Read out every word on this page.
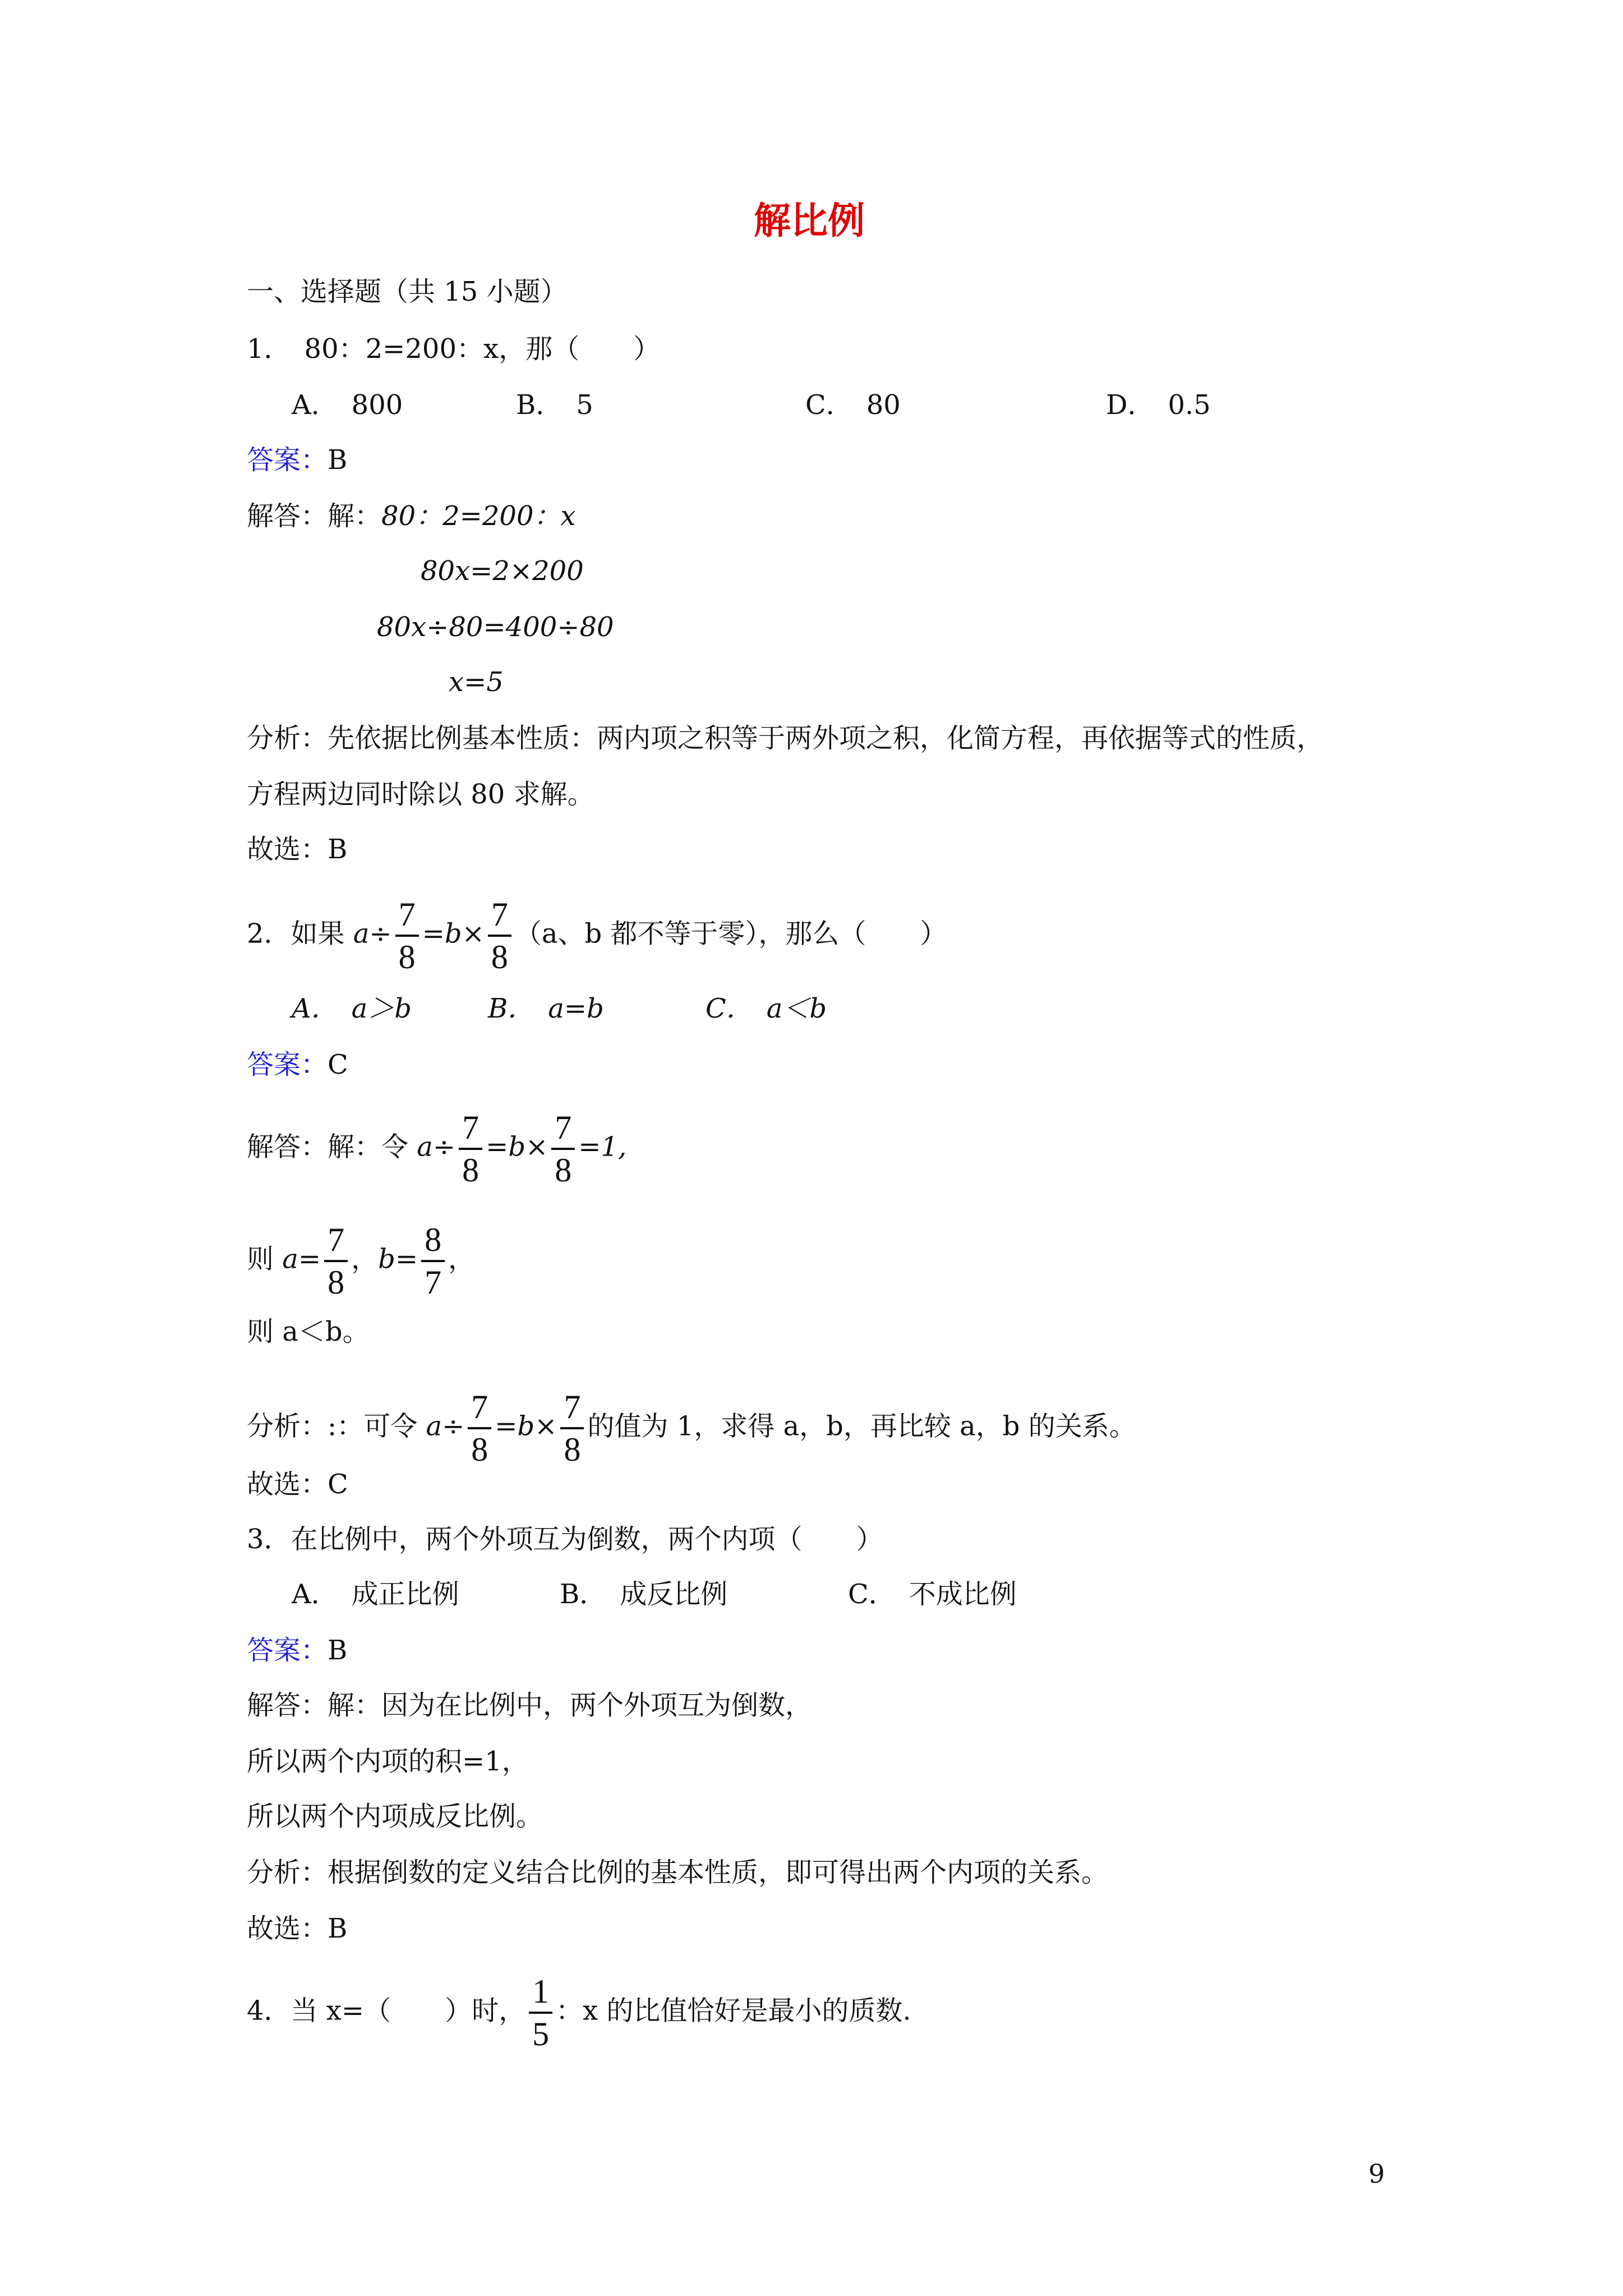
解比例
一、选择题（共 15 小题）
1．　80：2=200：x，那（　　）
A．　800	B．　5	C．　80	D．　0.5
答案：B
解答：解：80：2=200：x
80x=2×200
80x÷80=400÷80
x=5
分析：先依据比例基本性质：两内项之积等于两外项之积，化简方程，再依据等式的性质，
方程两边同时除以 80 求解。
故选：B
2．如果 $a\div \frac{7}{8} =b\times \frac{7}{8} (a$、b 都不等于零），那么（　　）
A．　a＞b	B．　a=b	C．　a＜b
答案：C
解答：解：令 $a\div \frac{7}{8} =b\times \frac{7}{8} =1$,
则 $a= \frac{7}{8}$ ，$b= \frac{8}{7}$ ，
则 a＜b。
分析：:：可令 $a\div \frac{7}{8} =b\times \frac{7}{8}$ 的值为 1，求得 a，b，再比较 a，b 的关系。
故选：C
3．在比例中，两个外项互为倒数，两个内项（　　）
A．　成正比例	B．　成反比例	C．　不成比例
答案：B
解答：解：因为在比例中，两个外项互为倒数，
所以两个内项的积=1，
所以两个内项成反比例。
分析：根据倒数的定义结合比例的基本性质，即可得出两个内项的关系。
故选：B
4．当 x=（　　）时， $\frac{1}{5}$ ：x 的比值恰好是最小的质数.
9
